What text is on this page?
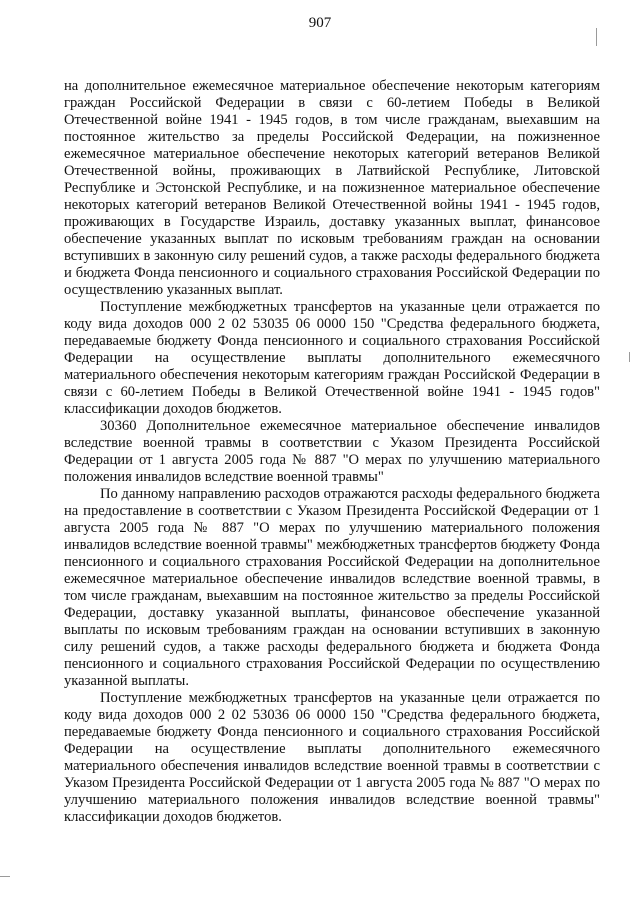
907

на дополнительное ежемесячное материальное обеспечение некоторым категориям граждан Российской Федерации в связи с 60-летием Победы в Великой Отечественной войне 1941 - 1945 годов, в том числе гражданам, выехавшим на постоянное жительство за пределы Российской Федерации, на пожизненное ежемесячное материальное обеспечение некоторых категорий ветеранов Великой Отечественной войны, проживающих в Латвийской Республике, Литовской Республике и Эстонской Республике, и на пожизненное материальное обеспечение некоторых категорий ветеранов Великой Отечественной войны 1941 - 1945 годов, проживающих в Государстве Израиль, доставку указанных выплат, финансовое обеспечение указанных выплат по исковым требованиям граждан на основании вступивших в законную силу решений судов, а также расходы федерального бюджета и бюджета Фонда пенсионного и социального страхования Российской Федерации по осуществлению указанных выплат.

Поступление межбюджетных трансфертов на указанные цели отражается по коду вида доходов 000 2 02 53035 06 0000 150 "Средства федерального бюджета, передаваемые бюджету Фонда пенсионного и социального страхования Российской Федерации на осуществление выплаты дополнительного ежемесячного материального обеспечения некоторым категориям граждан Российской Федерации в связи с 60-летием Победы в Великой Отечественной войне 1941 - 1945 годов" классификации доходов бюджетов.

30360 Дополнительное ежемесячное материальное обеспечение инвалидов вследствие военной травмы в соответствии с Указом Президента Российской Федерации от 1 августа 2005 года № 887 "О мерах по улучшению материального положения инвалидов вследствие военной травмы"

По данному направлению расходов отражаются расходы федерального бюджета на предоставление в соответствии с Указом Президента Российской Федерации от 1 августа 2005 года № 887 "О мерах по улучшению материального положения инвалидов вследствие военной травмы" межбюджетных трансфертов бюджету Фонда пенсионного и социального страхования Российской Федерации на дополнительное ежемесячное материальное обеспечение инвалидов вследствие военной травмы, в том числе гражданам, выехавшим на постоянное жительство за пределы Российской Федерации, доставку указанной выплаты, финансовое обеспечение указанной выплаты по исковым требованиям граждан на основании вступивших в законную силу решений судов, а также расходы федерального бюджета и бюджета Фонда пенсионного и социального страхования Российской Федерации по осуществлению указанной выплаты.

Поступление межбюджетных трансфертов на указанные цели отражается по коду вида доходов 000 2 02 53036 06 0000 150 "Средства федерального бюджета, передаваемые бюджету Фонда пенсионного и социального страхования Российской Федерации на осуществление выплаты дополнительного ежемесячного материального обеспечения инвалидов вследствие военной травмы в соответствии с Указом Президента Российской Федерации от 1 августа 2005 года № 887 "О мерах по улучшению материального положения инвалидов вследствие военной травмы" классификации доходов бюджетов.
